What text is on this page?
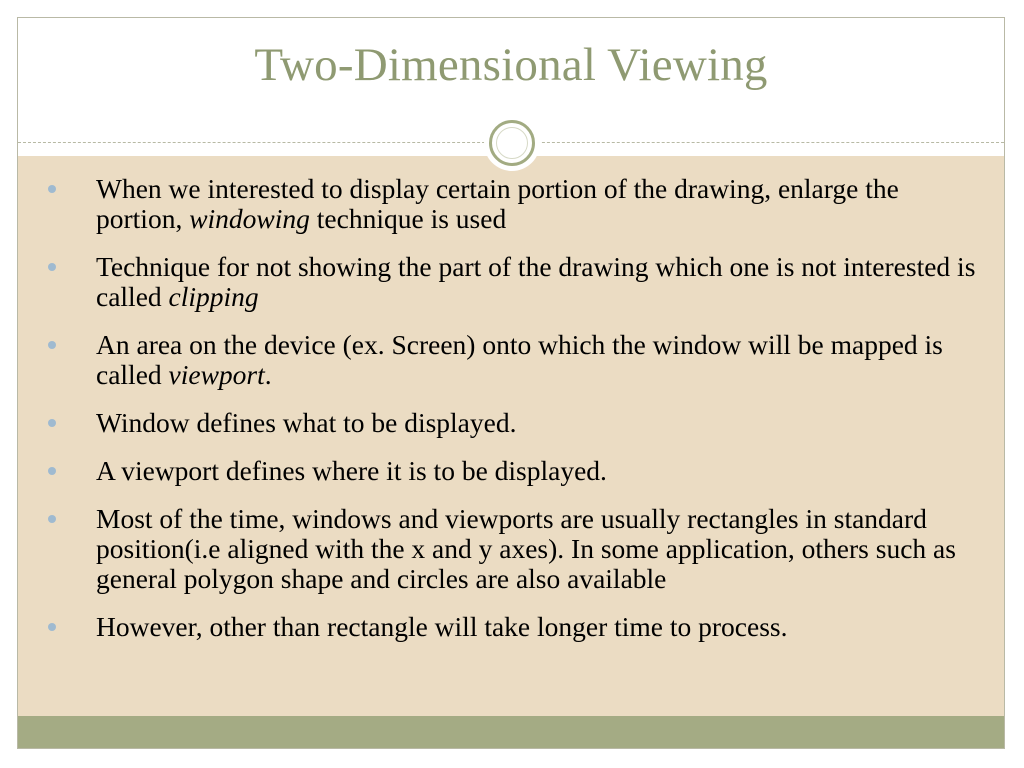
Two-Dimensional Viewing
When we interested to display certain portion of the drawing, enlarge the portion, windowing technique is used
Technique for not showing the part of the drawing which one is not interested is called clipping
An area on the device (ex. Screen) onto which the window will be mapped is called viewport.
Window defines what to be displayed.
A viewport defines where it is to be displayed.
Most of the time, windows and viewports are usually rectangles in standard position(i.e aligned with the x and y axes). In some application, others such as general polygon shape and circles are also available
However, other than rectangle will take longer time to process.
